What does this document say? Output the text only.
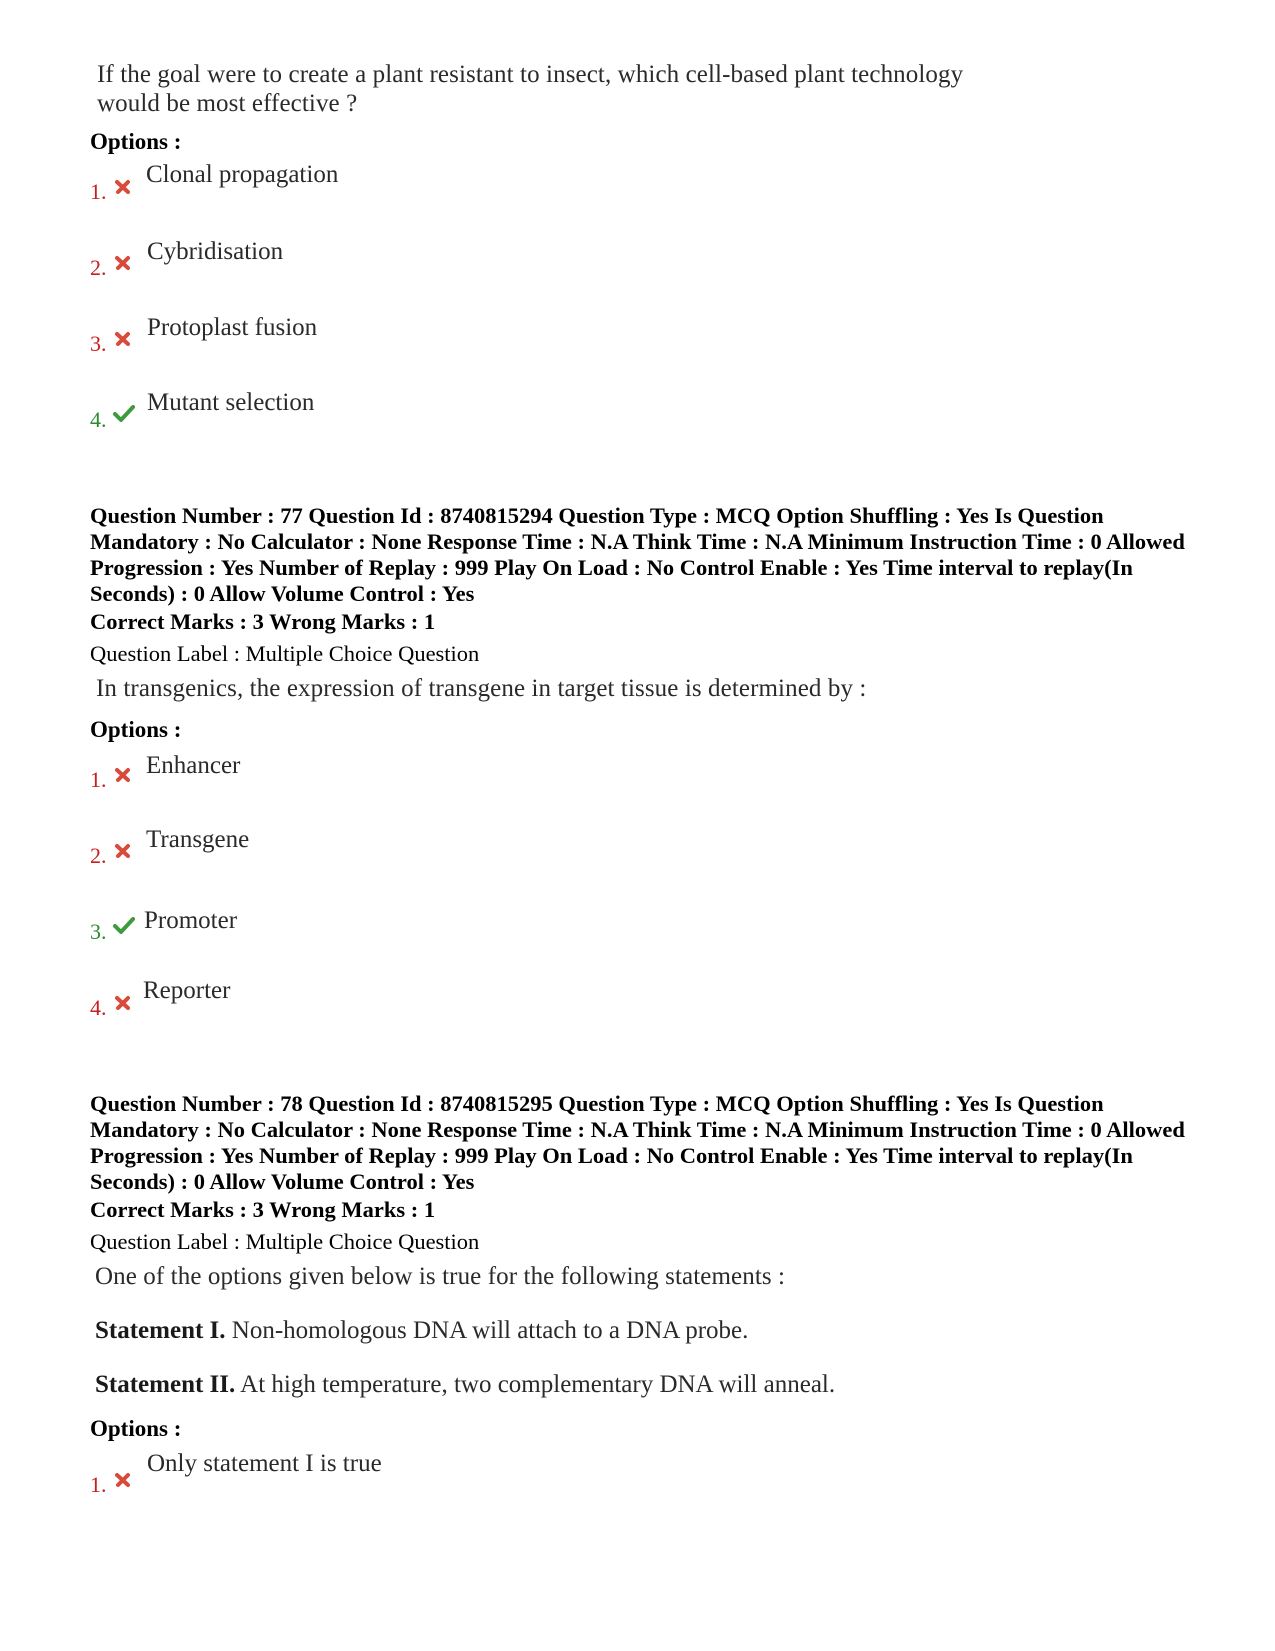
If the goal were to create a plant resistant to insect, which cell-based plant technology
would be most effective ?
Options :
1.
Clonal propagation
2.
Cybridisation
3.
Protoplast fusion
4.
Mutant selection
Question Number : 77 Question Id : 8740815294 Question Type : MCQ Option Shuffling : Yes Is Question Mandatory : No Calculator : None Response Time : N.A Think Time : N.A Minimum Instruction Time : 0 Allowed Progression : Yes Number of Replay : 999 Play On Load : No Control Enable : Yes Time interval to replay(In Seconds) : 0 Allow Volume Control : Yes
Correct Marks : 3 Wrong Marks : 1
Question Label : Multiple Choice Question
In transgenics, the expression of transgene in target tissue is determined by :
Options :
1.
Enhancer
2.
Transgene
3. Promoter
4.
Reporter
Question Number : 78 Question Id : 8740815295 Question Type : MCQ Option Shuffling : Yes Is Question Mandatory : No Calculator : None Response Time : N.A Think Time : N.A Minimum Instruction Time : 0 Allowed Progression : Yes Number of Replay : 999 Play On Load : No Control Enable : Yes Time interval to replay(In Seconds) : 0 Allow Volume Control : Yes
Correct Marks : 3 Wrong Marks : 1
Question Label : Multiple Choice Question
One of the options given below is true for the following statements :
Statement I. Non-homologous DNA will attach to a DNA probe.
Statement II. At high temperature, two complementary DNA will anneal.
Options :
1.
Only statement I is true
